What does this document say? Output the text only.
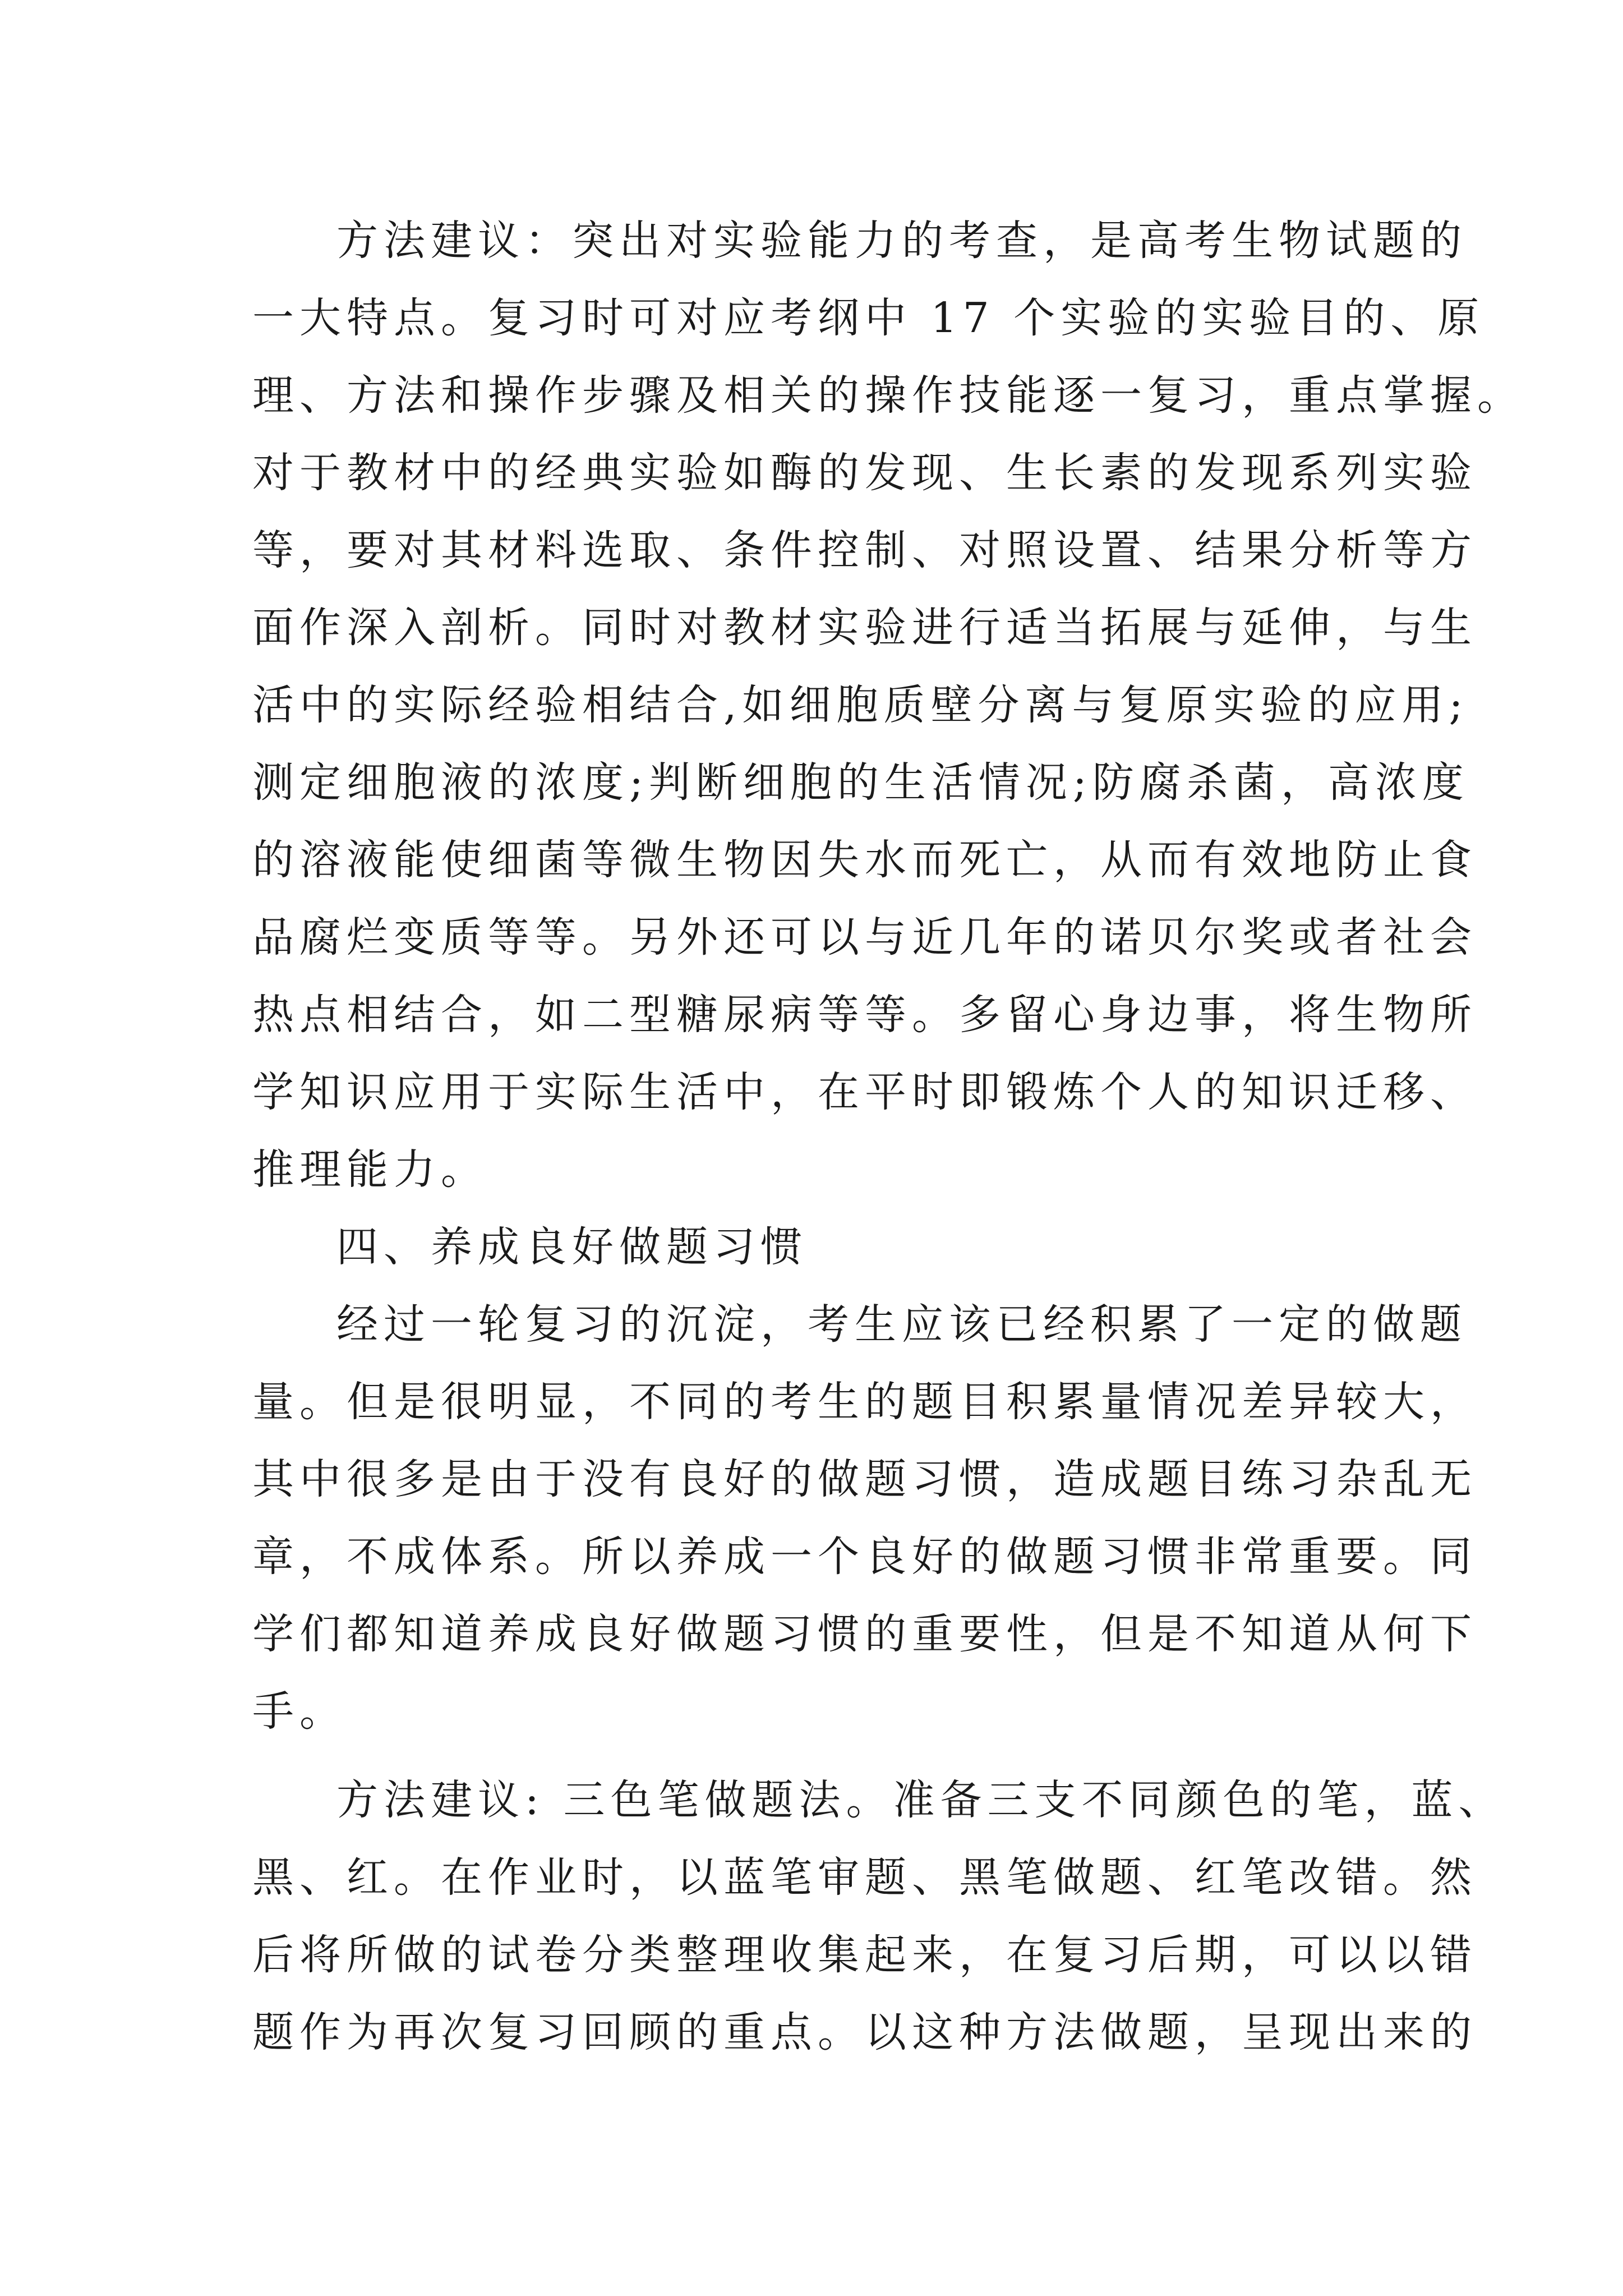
方法建议：突出对实验能力的考查，是高考生物试题的

一大特点。复习时可对应考纲中 17 个实验的实验目的、原

理、方法和操作步骤及相关的操作技能逐一复习，重点掌握。

对于教材中的经典实验如酶的发现、生长素的发现系列实验

等，要对其材料选取、条件控制、对照设置、结果分析等方

面作深入剖析。同时对教材实验进行适当拓展与延伸，与生

活中的实际经验相结合,如细胞质壁分离与复原实验的应用;

测定细胞液的浓度;判断细胞的生活情况;防腐杀菌，高浓度

的溶液能使细菌等微生物因失水而死亡，从而有效地防止食

品腐烂变质等等。另外还可以与近几年的诺贝尔奖或者社会

热点相结合，如二型糖尿病等等。多留心身边事，将生物所

学知识应用于实际生活中，在平时即锻炼个人的知识迁移、

推理能力。

四、养成良好做题习惯

经过一轮复习的沉淀，考生应该已经积累了一定的做题

量。但是很明显，不同的考生的题目积累量情况差异较大，

其中很多是由于没有良好的做题习惯，造成题目练习杂乱无

章，不成体系。所以养成一个良好的做题习惯非常重要。同

学们都知道养成良好做题习惯的重要性，但是不知道从何下

手。

方法建议: 三色笔做题法。准备三支不同颜色的笔，蓝、

黑、红。在作业时，以蓝笔审题、黑笔做题、红笔改错。然

后将所做的试卷分类整理收集起来，在复习后期，可以以错

题作为再次复习回顾的重点。以这种方法做题，呈现出来的
